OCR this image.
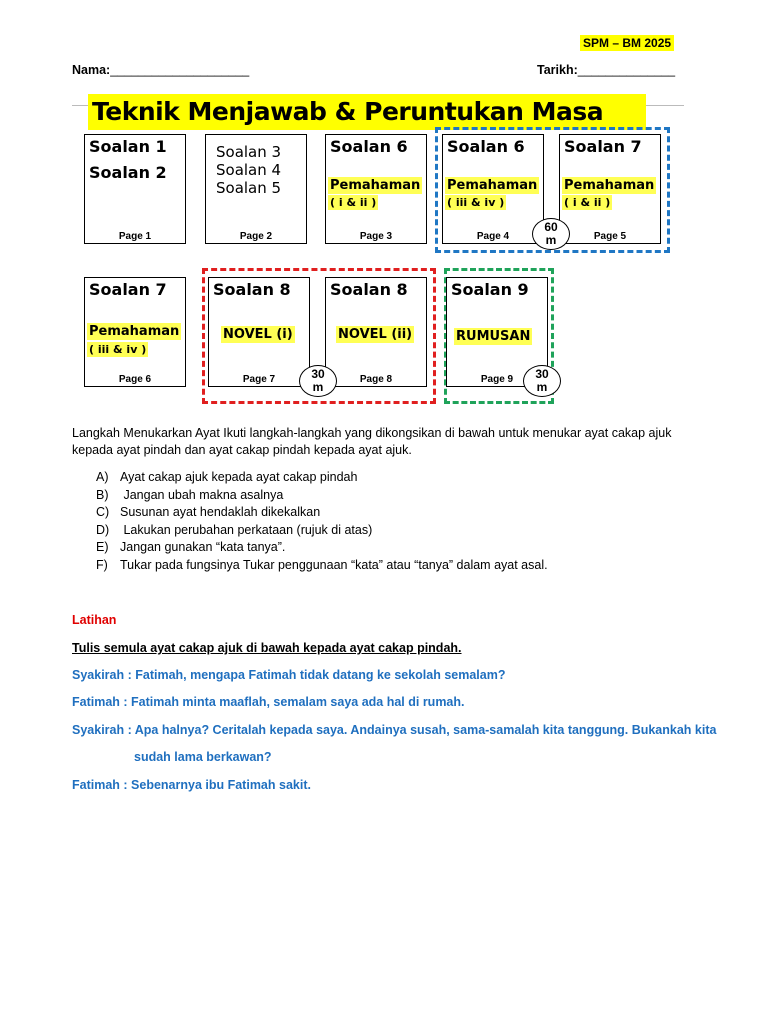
SPM – BM 2025
Nama:____________________	Tarikh:______________
Teknik Menjawab & Peruntukan Masa
Soalan 1
Soalan 2
Page 1
Soalan 3
Soalan 4
Soalan 5
Page 2
Soalan 6
Pemahaman
( i & ii )
Page 3
Soalan 6
Pemahaman
( iii & iv )
Page 4
Soalan 7
Pemahaman
( i & ii )
Page 5
Soalan 7
Pemahaman
( iii & iv )
Page 6
Soalan 8
NOVEL (i)
Page 7
Soalan 8
NOVEL (ii)
Page 8
Soalan 9
RUMUSAN
Page 9
60
m
30
m
30
m
Langkah Menukarkan Ayat Ikuti langkah-langkah yang dikongsikan di bawah untuk menukar ayat cakap ajuk kepada ayat pindah dan ayat cakap pindah kepada ayat ajuk.
A) Ayat cakap ajuk kepada ayat cakap pindah
B) Jangan ubah makna asalnya
C) Susunan ayat hendaklah dikekalkan
D) Lakukan perubahan perkataan (rujuk di atas)
E) Jangan gunakan “kata tanya”.
F) Tukar pada fungsinya Tukar penggunaan “kata” atau “tanya” dalam ayat asal.
Latihan
Tulis semula ayat cakap ajuk di bawah kepada ayat cakap pindah.
Syakirah : Fatimah, mengapa Fatimah tidak datang ke sekolah semalam?
Fatimah : Fatimah minta maaflah, semalam saya ada hal di rumah.
Syakirah : Apa halnya? Ceritalah kepada saya. Andainya susah, sama-samalah kita tanggung. Bukankah kita
sudah lama berkawan?
Fatimah : Sebenarnya ibu Fatimah sakit.
